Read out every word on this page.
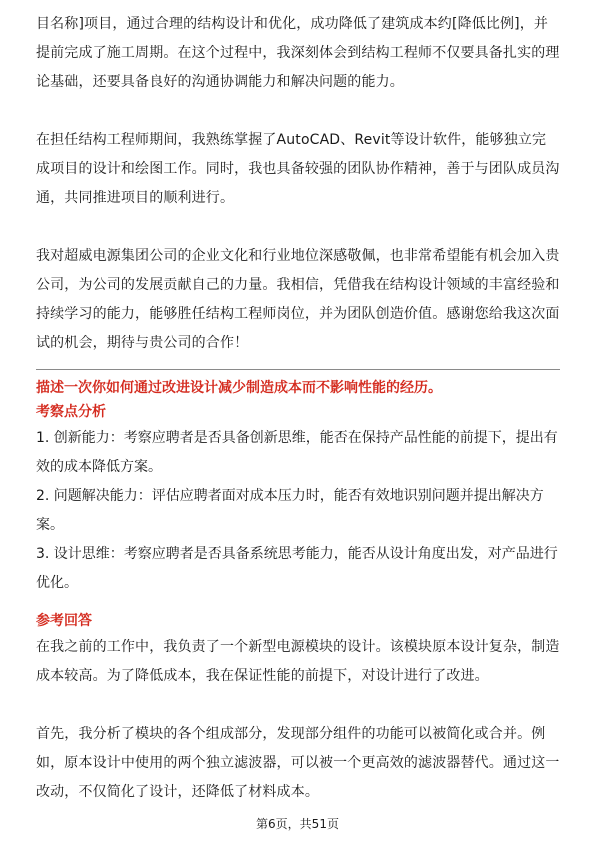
目名称]项目，通过合理的结构设计和优化，成功降低了建筑成本约[降低比例]，并提前完成了施工周期。在这个过程中，我深刻体会到结构工程师不仅要具备扎实的理论基础，还要具备良好的沟通协调能力和解决问题的能力。

在担任结构工程师期间，我熟练掌握了AutoCAD、Revit等设计软件，能够独立完成项目的设计和绘图工作。同时，我也具备较强的团队协作精神，善于与团队成员沟通，共同推进项目的顺利进行。

我对超威电源集团公司的企业文化和行业地位深感敬佩，也非常希望能有机会加入贵公司，为公司的发展贡献自己的力量。我相信，凭借我在结构设计领域的丰富经验和持续学习的能力，能够胜任结构工程师岗位，并为团队创造价值。感谢您给我这次面试的机会，期待与贵公司的合作！

描述一次你如何通过改进设计减少制造成本而不影响性能的经历。

考察点分析

1. 创新能力：考察应聘者是否具备创新思维，能否在保持产品性能的前提下，提出有效的成本降低方案。

2. 问题解决能力：评估应聘者面对成本压力时，能否有效地识别问题并提出解决方案。

3. 设计思维：考察应聘者是否具备系统思考能力，能否从设计角度出发，对产品进行优化。

参考回答

在我之前的工作中，我负责了一个新型电源模块的设计。该模块原本设计复杂，制造成本较高。为了降低成本，我在保证性能的前提下，对设计进行了改进。

首先，我分析了模块的各个组成部分，发现部分组件的功能可以被简化或合并。例如，原本设计中使用的两个独立滤波器，可以被一个更高效的滤波器替代。通过这一改动，不仅简化了设计，还降低了材料成本。

第6页，共51页
